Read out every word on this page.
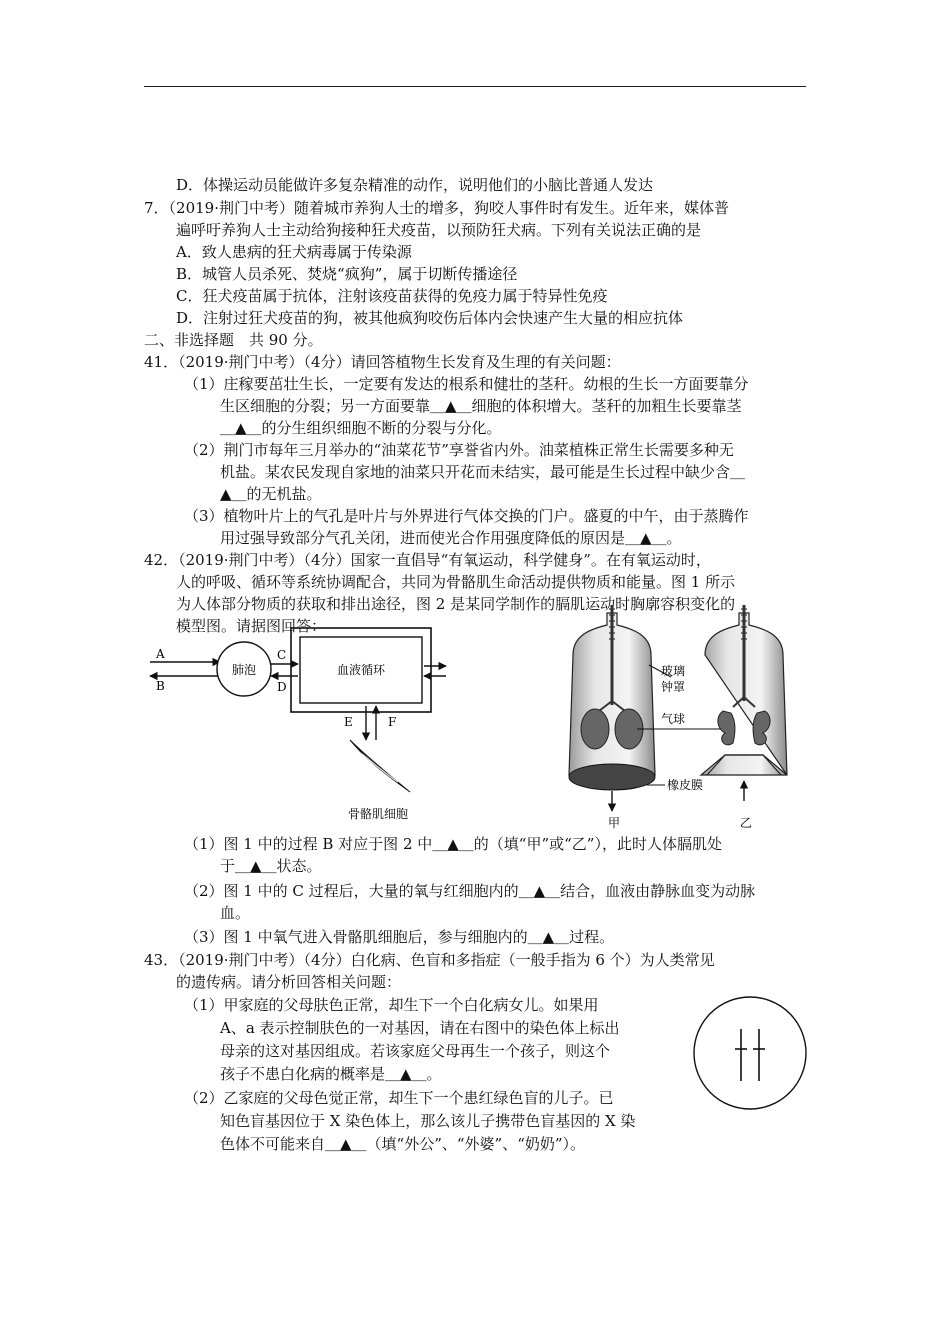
D．体操运动员能做许多复杂精准的动作，说明他们的小脑比普通人发达
7．（2019·荆门中考）随着城市养狗人士的增多，狗咬人事件时有发生。近年来，媒体普
遍呼吁养狗人士主动给狗接种狂犬疫苗，以预防狂犬病。下列有关说法正确的是
A．致人患病的狂犬病毒属于传染源
B．城管人员杀死、焚烧“疯狗”，属于切断传播途径
C．狂犬疫苗属于抗体，注射该疫苗获得的免疫力属于特异性免疫
D．注射过狂犬疫苗的狗，被其他疯狗咬伤后体内会快速产生大量的相应抗体
二、非选择题　共 90 分。
41．（2019·荆门中考）（4分）请回答植物生长发育及生理的有关问题：
（1）庄稼要茁壮生长，一定要有发达的根系和健壮的茎秆。幼根的生长一方面要靠分
生区细胞的分裂；另一方面要靠＿▲＿细胞的体积增大。茎秆的加粗生长要靠茎
＿▲＿的分生组织细胞不断的分裂与分化。
（2）荆门市每年三月举办的“油菜花节”享誉省内外。油菜植株正常生长需要多种无
机盐。某农民发现自家地的油菜只开花而未结实，最可能是生长过程中缺少含＿
▲＿的无机盐。
（3）植物叶片上的气孔是叶片与外界进行气体交换的门户。盛夏的中午，由于蒸腾作
用过强导致部分气孔关闭，进而使光合作用强度降低的原因是＿▲＿。
42．（2019·荆门中考）（4分）国家一直倡导“有氧运动，科学健身”。在有氧运动时，
人的呼吸、循环等系统协调配合，共同为骨骼肌生命活动提供物质和能量。图 1 所示
为人体部分物质的获取和排出途径，图 2 是某同学制作的膈肌运动时胸廓容积变化的
模型图。请据图回答：
A
B
肺泡	血液循环
C
D
E	F
骨骼肌细胞
甲	乙
玻璃
钟罩
气球
橡皮膜
（1）图 1 中的过程 B 对应于图 2 中＿▲＿的（填“甲”或“乙”），此时人体膈肌处
于＿▲＿状态。
（2）图 1 中的 C 过程后，大量的氧与红细胞内的＿▲＿结合，血液由静脉血变为动脉
血。
（3）图 1 中氧气进入骨骼肌细胞后，参与细胞内的＿▲＿过程。
43．（2019·荆门中考）（4分）白化病、色盲和多指症（一般手指为 6 个）为人类常见
的遗传病。请分析回答相关问题：
（1）甲家庭的父母肤色正常，却生下一个白化病女儿。如果用
A、a 表示控制肤色的一对基因，请在右图中的染色体上标出
母亲的这对基因组成。若该家庭父母再生一个孩子，则这个
孩子不患白化病的概率是＿▲＿。
（2）乙家庭的父母色觉正常，却生下一个患红绿色盲的儿子。已
知色盲基因位于 X 染色体上，那么该儿子携带色盲基因的 X 染
色体不可能来自＿▲＿（填“外公”、“外婆”、“奶奶”）。
